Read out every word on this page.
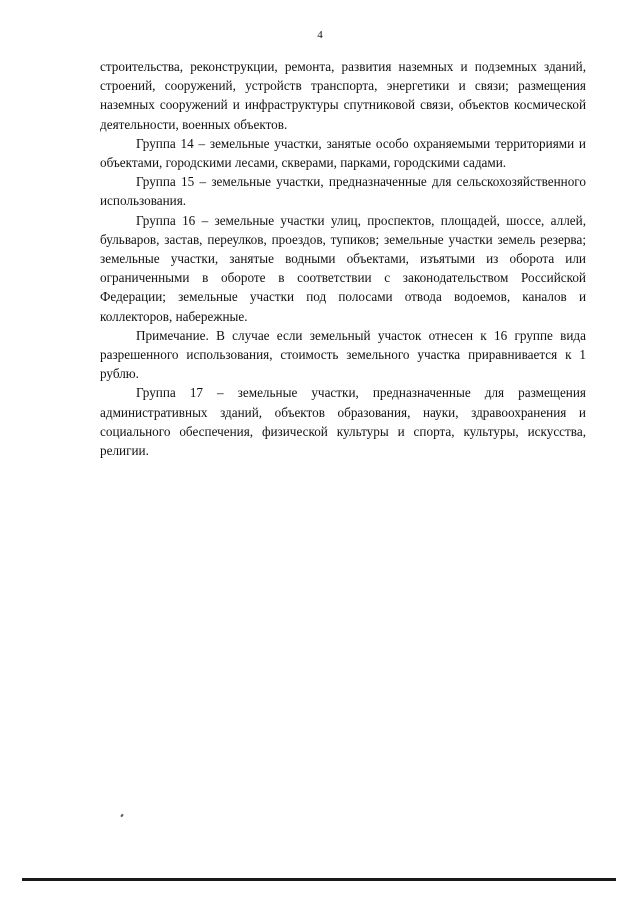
4

строительства, реконструкции, ремонта, развития наземных и подземных зданий, строений, сооружений, устройств транспорта, энергетики и связи; размещения наземных сооружений и инфраструктуры спутниковой связи, объектов космической деятельности, военных объектов.

Группа 14 – земельные участки, занятые особо охраняемыми территориями и объектами, городскими лесами, скверами, парками, городскими садами.

Группа 15 – земельные участки, предназначенные для сельскохозяйственного использования.

Группа 16 – земельные участки улиц, проспектов, площадей, шоссе, аллей, бульваров, застав, переулков, проездов, тупиков; земельные участки земель резерва; земельные участки, занятые водными объектами, изъятыми из оборота или ограниченными в обороте в соответствии с законодательством Российской Федерации; земельные участки под полосами отвода водоемов, каналов и коллекторов, набережные.

Примечание. В случае если земельный участок отнесен к 16 группе вида разрешенного использования, стоимость земельного участка приравнивается к 1 рублю.

Группа 17 – земельные участки, предназначенные для размещения административных зданий, объектов образования, науки, здравоохранения и социального обеспечения, физической культуры и спорта, культуры, искусства, религии.
